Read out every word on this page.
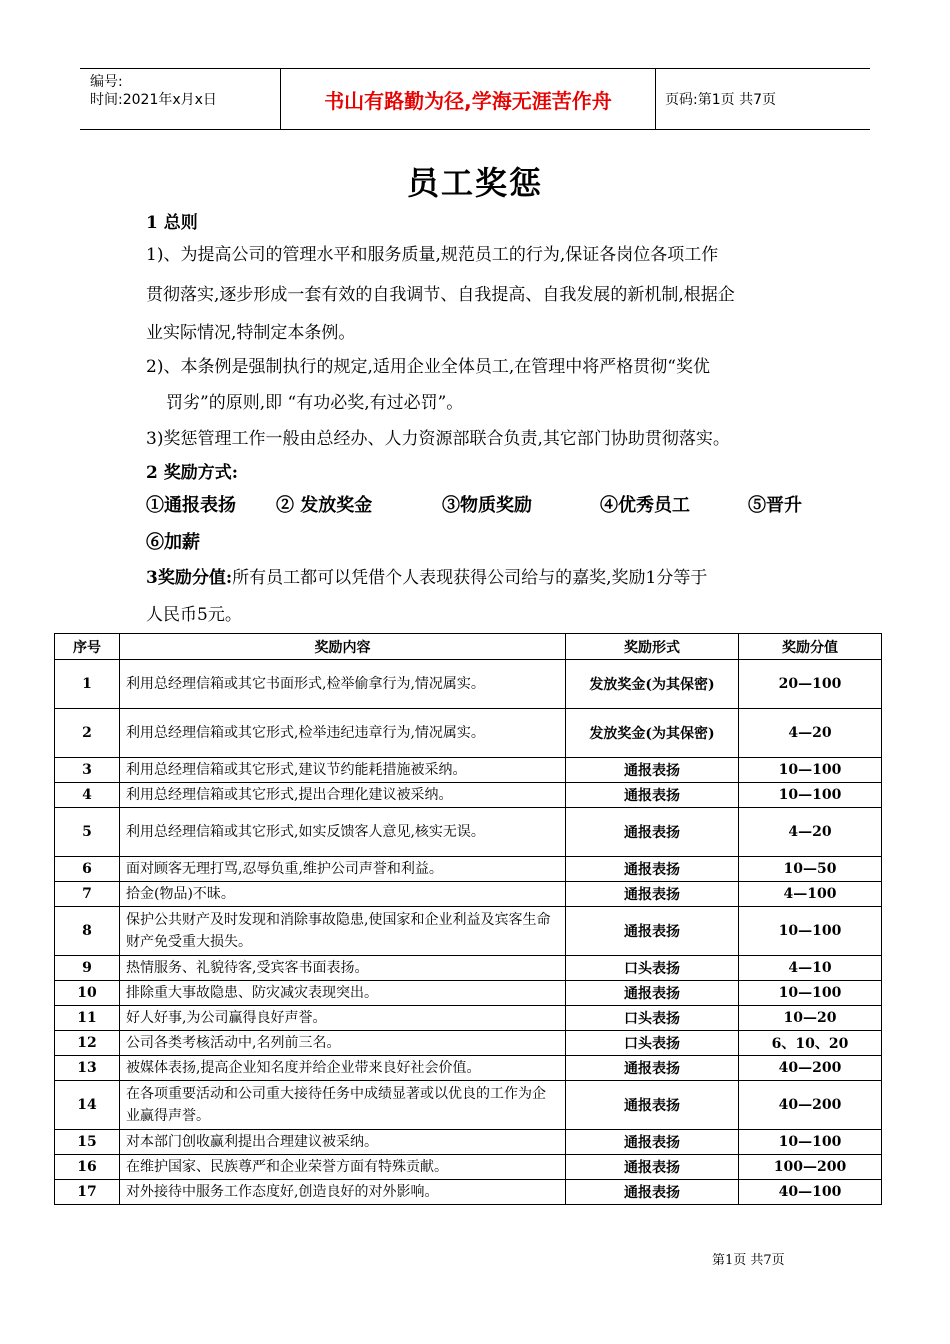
编号:
时间:2021年x月x日	书山有路勤为径,学海无涯苦作舟	页码:第1页 共7页
员工奖惩
1 总则
1)、为提高公司的管理水平和服务质量,规范员工的行为,保证各岗位各项工作
贯彻落实,逐步形成一套有效的自我调节、自我提高、自我发展的新机制,根据企
业实际情况,特制定本条例。
2)、本条例是强制执行的规定,适用企业全体员工,在管理中将严格贯彻“奖优
罚劣”的原则,即 “有功必奖,有过必罚”。
3)奖惩管理工作一般由总经办、人力资源部联合负责,其它部门协助贯彻落实。
2 奖励方式:
①通报表扬 ② 发放奖金	③物质奖励	④优秀员工	⑤晋升
⑥加薪
3奖励分值:所有员工都可以凭借个人表现获得公司给与的嘉奖,奖励1分等于
人民币5元。
序号	奖励内容	奖励形式	奖励分值
1	利用总经理信箱或其它书面形式,检举偷拿行为,情况属实。	发放奖金(为其保密)	20—100
2	利用总经理信箱或其它形式,检举违纪违章行为,情况属实。	发放奖金(为其保密)	4—20
3	利用总经理信箱或其它形式,建议节约能耗措施被采纳。	通报表扬	10—100
4	利用总经理信箱或其它形式,提出合理化建议被采纳。	通报表扬	10—100
5	利用总经理信箱或其它形式,如实反馈客人意见,核实无误。	通报表扬	4—20
6	面对顾客无理打骂,忍辱负重,维护公司声誉和利益。	通报表扬	10—50
7	拾金(物品)不昧。	通报表扬	4—100
8	保护公共财产及时发现和消除事故隐患,使国家和企业利益及宾客生命财产免受重大损失。	通报表扬	10—100
9	热情服务、礼貌待客,受宾客书面表扬。	口头表扬	4—10
10	排除重大事故隐患、防灾减灾表现突出。	通报表扬	10—100
11	好人好事,为公司赢得良好声誉。	口头表扬	10—20
12	公司各类考核活动中,名列前三名。	口头表扬	6、10、20
13	被媒体表扬,提高企业知名度并给企业带来良好社会价值。	通报表扬	40—200
14	在各项重要活动和公司重大接待任务中成绩显著或以优良的工作为企业赢得声誉。	通报表扬	40—200
15	对本部门创收赢利提出合理建议被采纳。	通报表扬	10—100
16	在维护国家、民族尊严和企业荣誉方面有特殊贡献。	通报表扬	100—200
17	对外接待中服务工作态度好,创造良好的对外影响。	通报表扬	40—100
第1页 共7页
